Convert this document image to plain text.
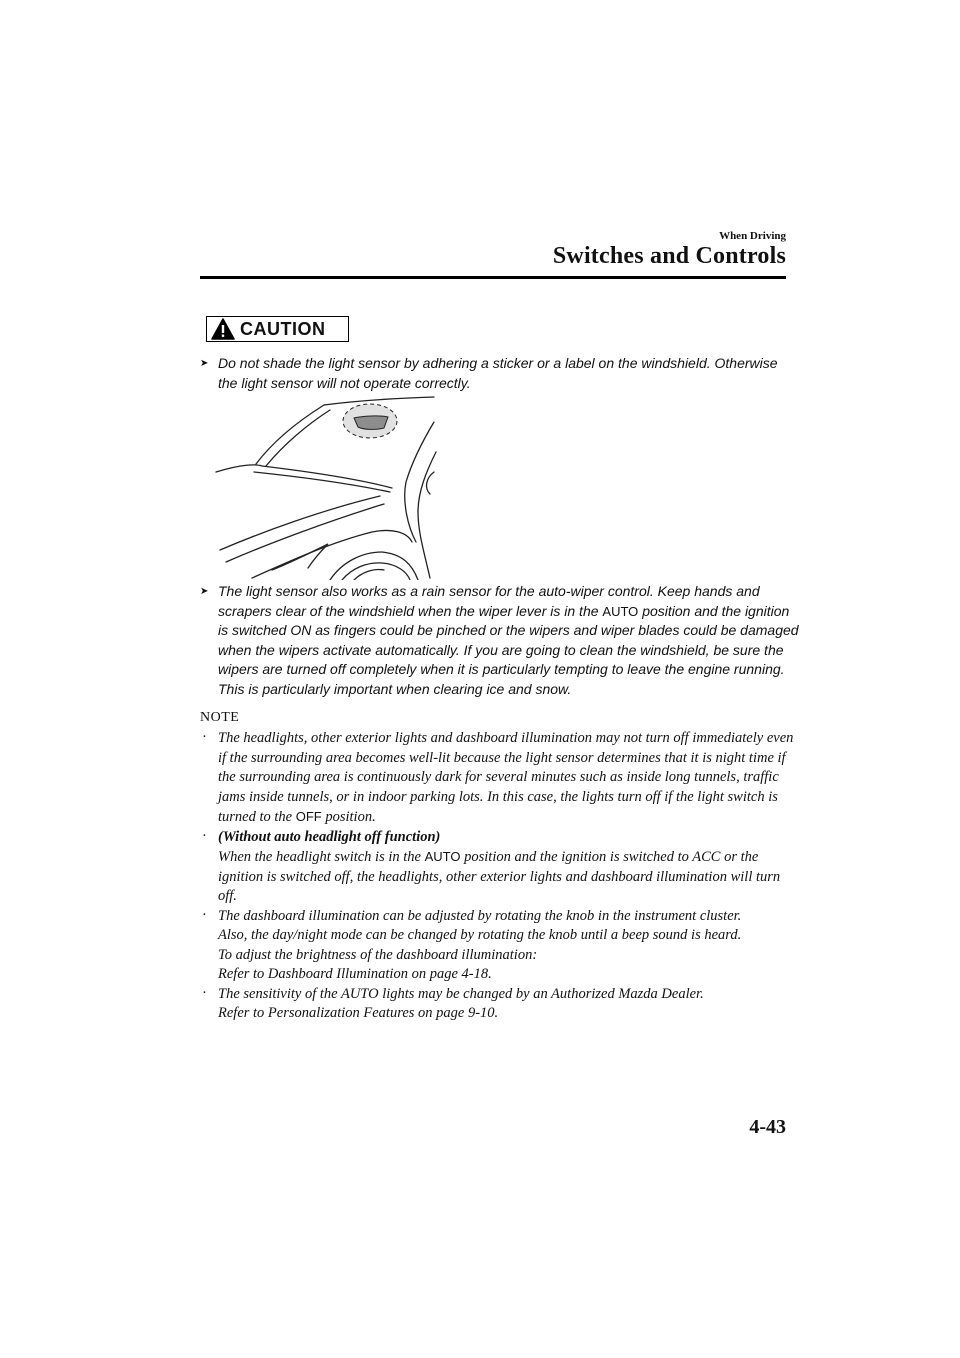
When Driving
Switches and Controls
CAUTION
➤ Do not shade the light sensor by adhering a sticker or a label on the windshield. Otherwise the light sensor will not operate correctly.

➤ The light sensor also works as a rain sensor for the auto-wiper control. Keep hands and scrapers clear of the windshield when the wiper lever is in the AUTO position and the ignition is switched ON as fingers could be pinched or the wipers and wiper blades could be damaged when the wipers activate automatically. If you are going to clean the windshield, be sure the wipers are turned off completely when it is particularly tempting to leave the engine running. This is particularly important when clearing ice and snow.

NOTE

· The headlights, other exterior lights and dashboard illumination may not turn off immediately even if the surrounding area becomes well-lit because the light sensor determines that it is night time if the surrounding area is continuously dark for several minutes such as inside long tunnels, traffic jams inside tunnels, or in indoor parking lots. In this case, the lights turn off if the light switch is turned to the OFF position.

· (Without auto headlight off function)
When the headlight switch is in the AUTO position and the ignition is switched to ACC or the ignition is switched off, the headlights, other exterior lights and dashboard illumination will turn off.

· The dashboard illumination can be adjusted by rotating the knob in the instrument cluster.
Also, the day/night mode can be changed by rotating the knob until a beep sound is heard.
To adjust the brightness of the dashboard illumination:
Refer to Dashboard Illumination on page 4-18.

· The sensitivity of the AUTO lights may be changed by an Authorized Mazda Dealer.
Refer to Personalization Features on page 9-10.

4-43
